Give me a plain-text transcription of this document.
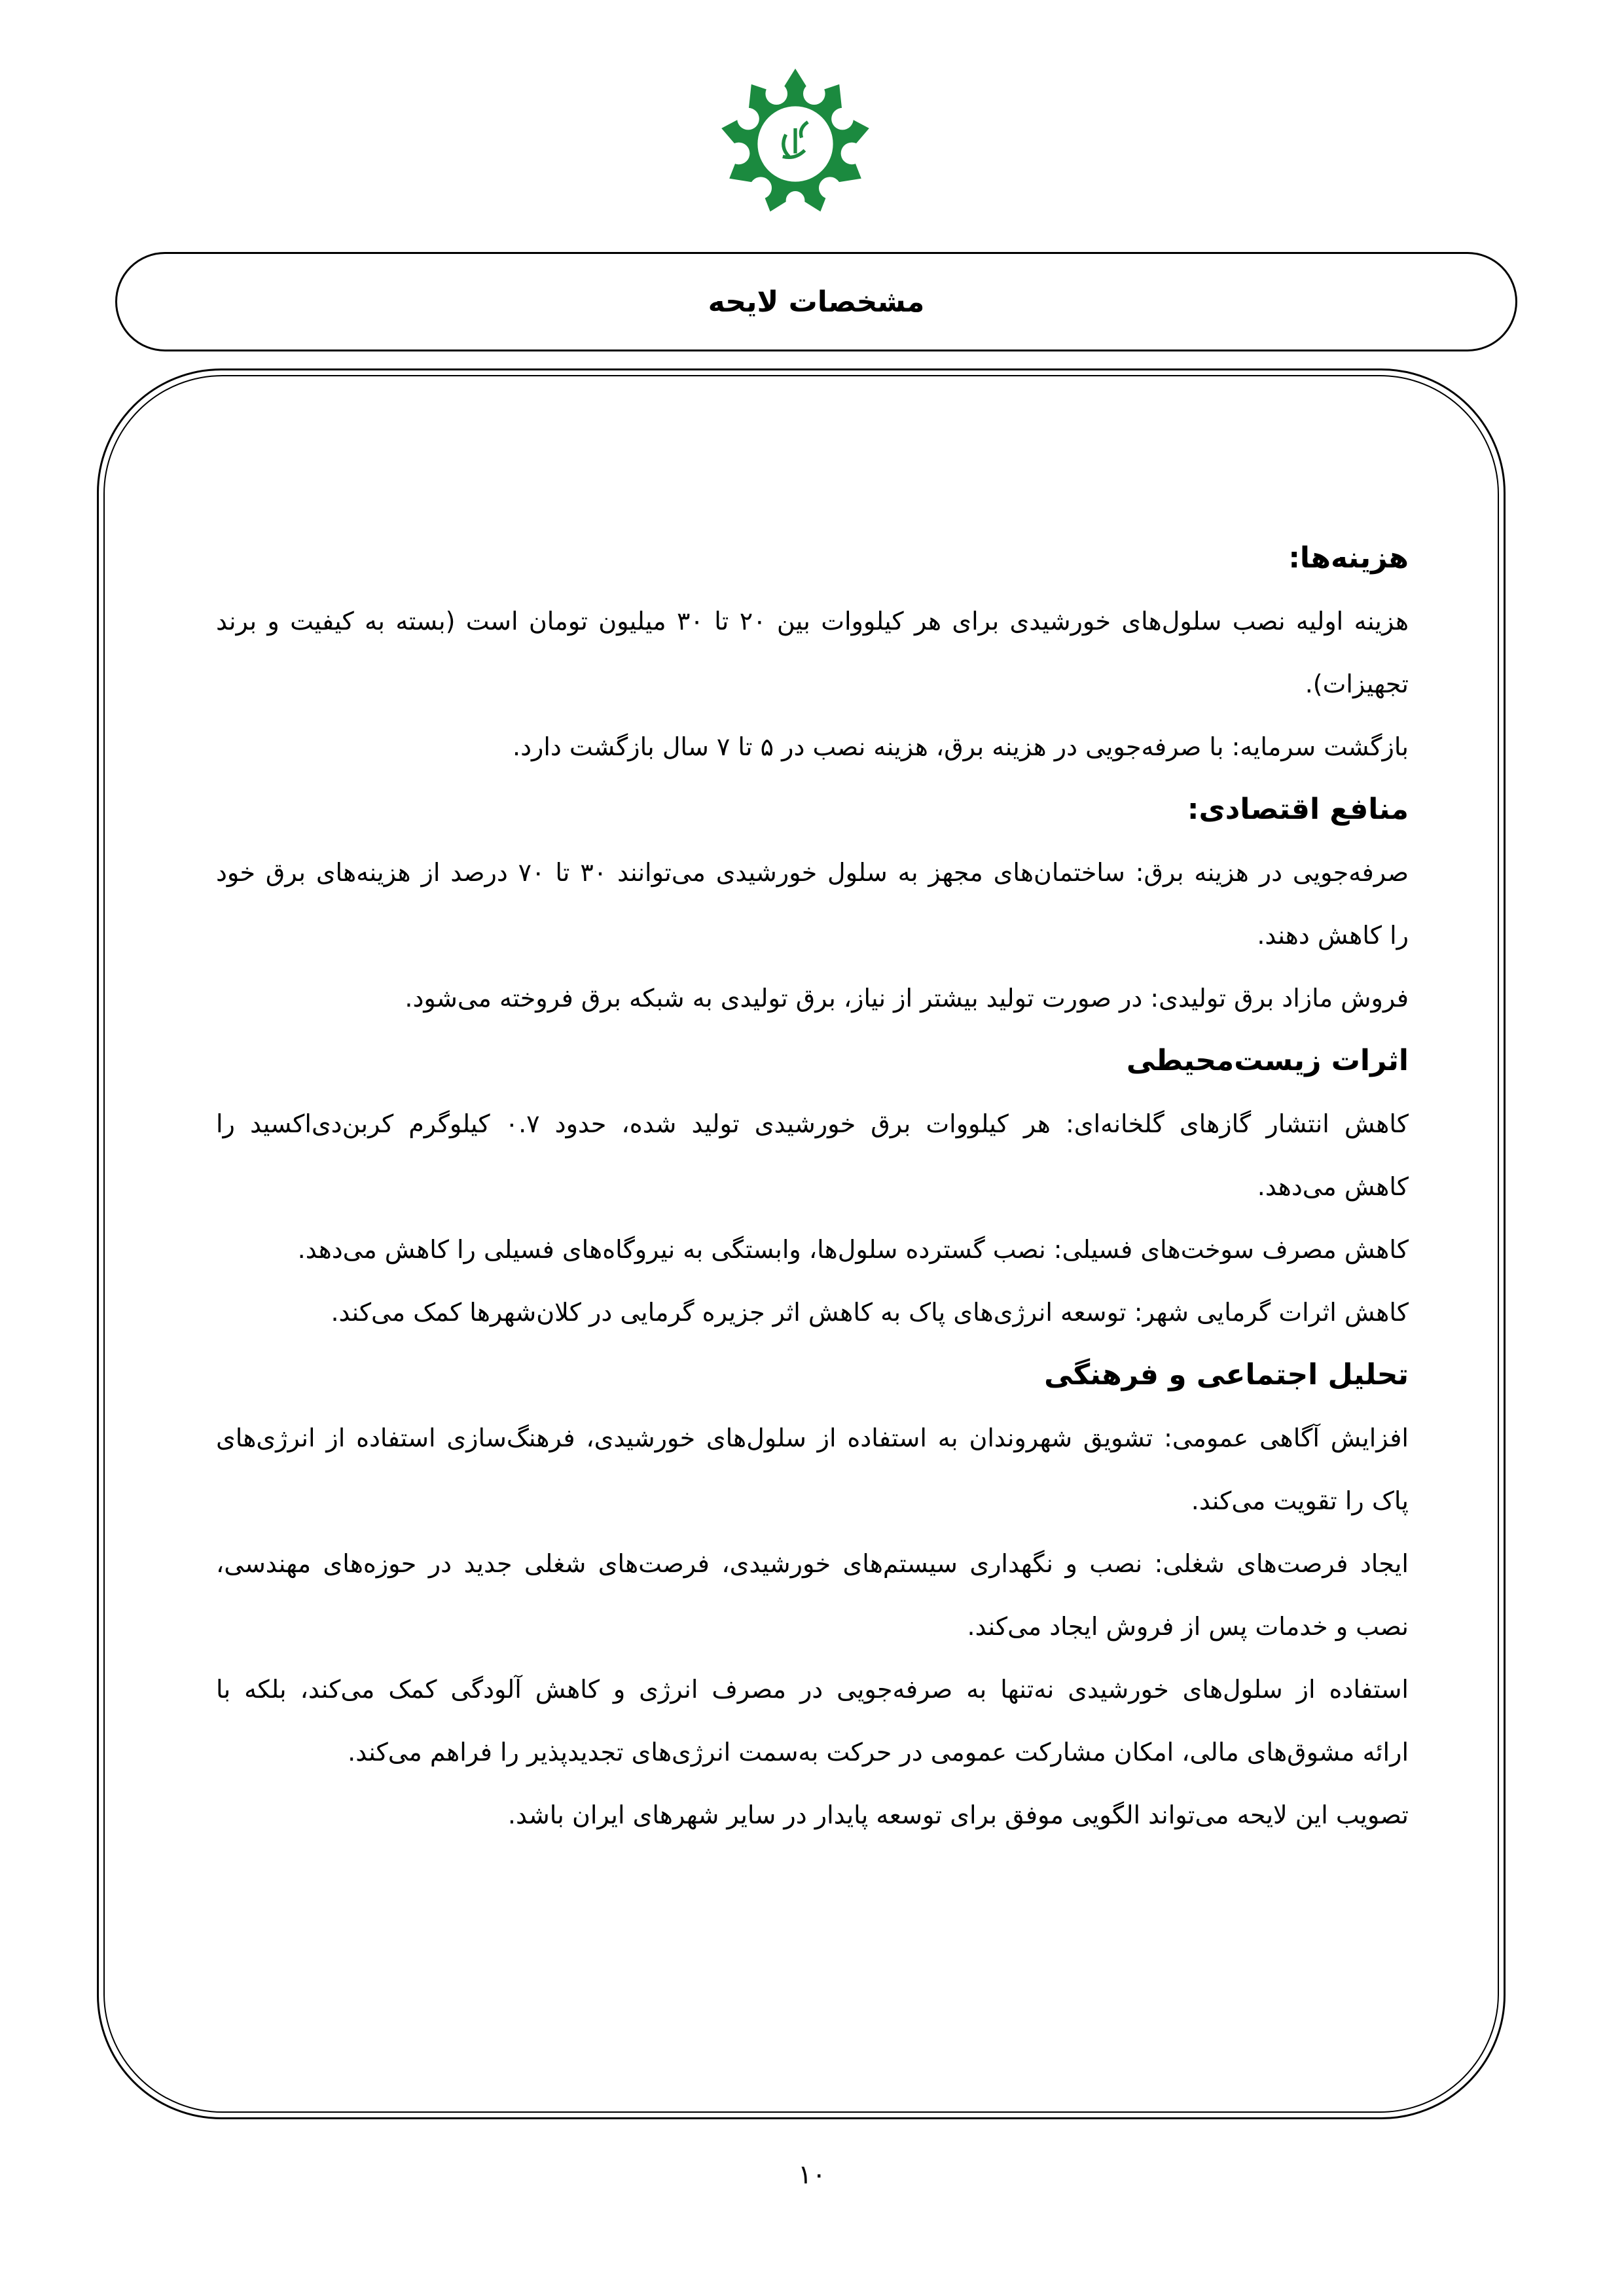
مشخصات لایحه
هزینه‌ها:
هزینه اولیه نصب سلول‌های خورشیدی برای هر کیلووات بین ۲۰ تا ۳۰ میلیون تومان است (بسته به کیفیت و برند
تجهیزات).
بازگشت سرمایه: با صرفه‌جویی در هزینه برق، هزینه نصب در ۵ تا ۷ سال بازگشت دارد.
منافع اقتصادی:
صرفه‌جویی در هزینه برق: ساختمان‌های مجهز به سلول خورشیدی می‌توانند ۳۰ تا ۷۰ درصد از هزینه‌های برق خود
را کاهش دهند.
فروش مازاد برق تولیدی: در صورت تولید بیشتر از نیاز، برق تولیدی به شبکه برق فروخته می‌شود.
اثرات زیست‌محیطی
کاهش انتشار گازهای گلخانه‌ای: هر کیلووات برق خورشیدی تولید شده، حدود ۰.۷ کیلوگرم کربن‌دی‌اکسید را
کاهش می‌دهد.
کاهش مصرف سوخت‌های فسیلی: نصب گسترده سلول‌ها، وابستگی به نیروگاه‌های فسیلی را کاهش می‌دهد.
کاهش اثرات گرمایی شهر: توسعه انرژی‌های پاک به کاهش اثر جزیره گرمایی در کلان‌شهرها کمک می‌کند.
تحلیل اجتماعی و فرهنگی
افزایش آگاهی عمومی: تشویق شهروندان به استفاده از سلول‌های خورشیدی، فرهنگ‌سازی استفاده از انرژی‌های
پاک را تقویت می‌کند.
ایجاد فرصت‌های شغلی: نصب و نگهداری سیستم‌های خورشیدی، فرصت‌های شغلی جدید در حوزه‌های مهندسی،
نصب و خدمات پس از فروش ایجاد می‌کند.
استفاده از سلول‌های خورشیدی نه‌تنها به صرفه‌جویی در مصرف انرژی و کاهش آلودگی کمک می‌کند، بلکه با
ارائه مشوق‌های مالی، امکان مشارکت عمومی در حرکت به‌سمت انرژی‌های تجدیدپذیر را فراهم می‌کند.
تصویب این لایحه می‌تواند الگویی موفق برای توسعه پایدار در سایر شهرهای ایران باشد.
۱۰
